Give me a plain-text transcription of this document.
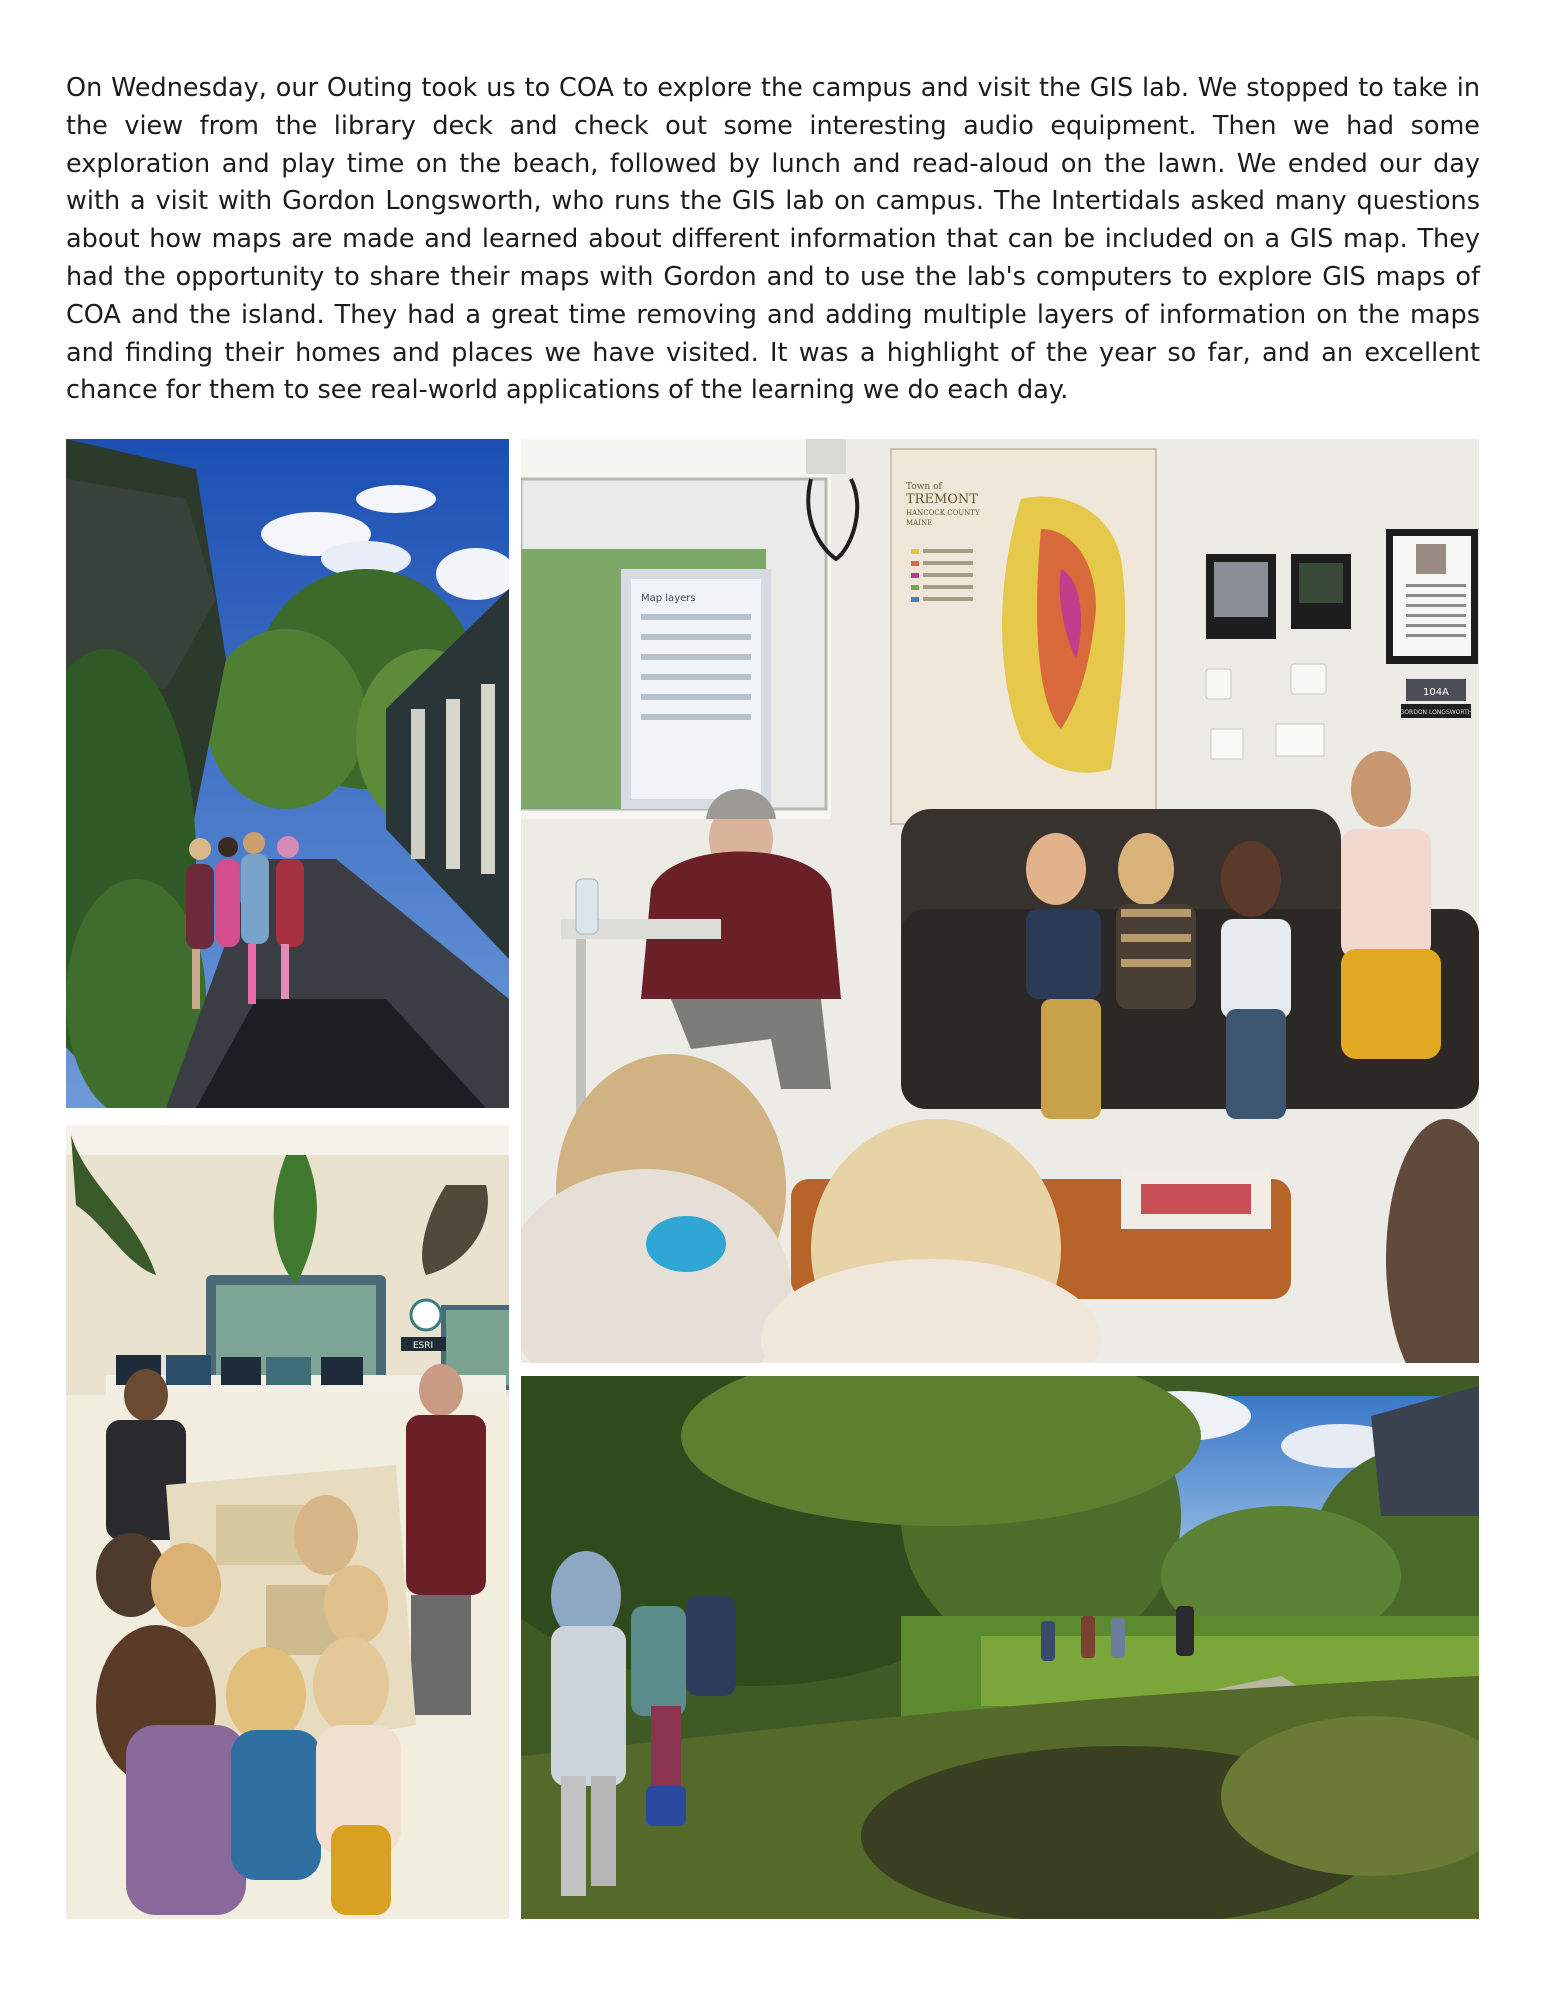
On Wednesday, our Outing took us to COA to explore the campus and visit the GIS lab. We stopped to take in the view from the library deck and check out some interesting audio equipment. Then we had some exploration and play time on the beach, followed by lunch and read-aloud on the lawn. We ended our day with a visit with Gordon Longsworth, who runs the GIS lab on campus. The Intertidals asked many questions about how maps are made and learned about different information that can be included on a GIS map. They had the opportunity to share their maps with Gordon and to use the lab's computers to explore GIS maps of COA and the island. They had a great time removing and adding multiple layers of information on the maps and finding their homes and places we have visited. It was a highlight of the year so far, and an excellent chance for them to see real-world applications of the learning we do each day.

Map layers
Town of
TREMONT
HANCOCK COUNTY
MAINE
104A
GORDON LONGSWORTH
ESRI
